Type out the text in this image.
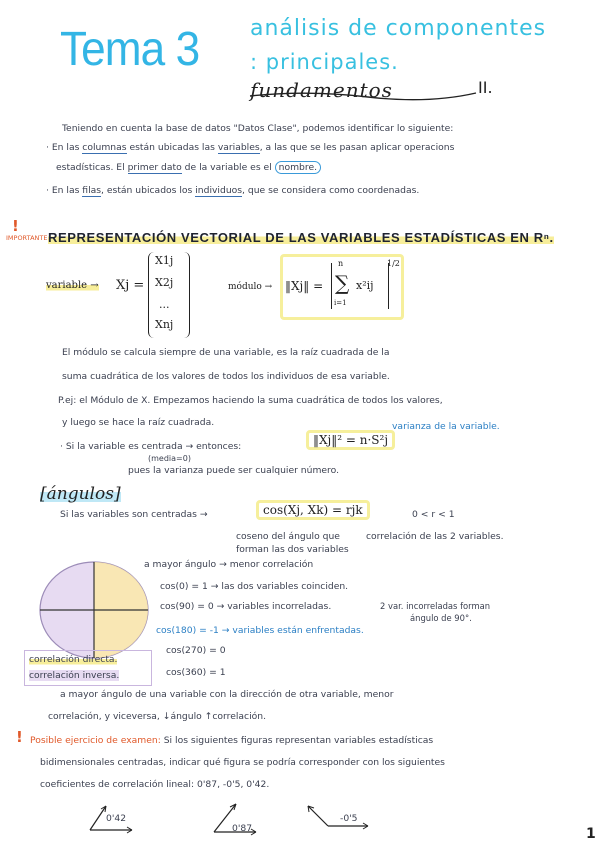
Tema 3 análisis de componentes
: principales.
fundamentos	II.
Teniendo en cuenta la base de datos "Datos Clase", podemos identificar lo siguiente:
· En las columnas están ubicadas las variables, a las que se les pasan aplicar operacions
estadísticas. El primer dato de la variable es el nombre.
· En las filas, están ubicados los individuos, que se considera como coordenadas.
!
IMPORTANTE REPRESENTACIÓN VECTORIAL DE LAS VARIABLES ESTADÍSTICAS EN Rⁿ.
variable → Xj =
X1j
X2j
...
Xnj
módulo → ‖Xj‖ =
n
∑
i=1
x²ij
1/2
El módulo se calcula siempre de una variable, es la raíz cuadrada de la
suma cuadrática de los valores de todos los individuos de esa variable.
P.ej: el Módulo de X. Empezamos haciendo la suma cuadrática de todos los valores,
y luego se hace la raíz cuadrada.
· Si la variable es centrada → entonces:	‖Xj‖² = n·S²j
varianza de la variable.
(media=0)
pues la varianza puede ser cualquier número.
[ángulos]
Si las variables son centradas →	cos(Xj, Xk) = rjk	0 < r < 1
coseno del ángulo que
forman las dos variables
correlación de las 2 variables.
a mayor ángulo → menor correlación
cos(0) = 1 → las dos variables coinciden.
cos(90) = 0 → variables incorreladas.	2 var. incorreladas forman
ángulo de 90°.
cos(180) = -1 → variables están enfrentadas.
cos(270) = 0
cos(360) = 1
correlación directa.
correlación inversa.
a mayor ángulo de una variable con la dirección de otra variable, menor
correlación, y viceversa, ↓ángulo ↑correlación.
! Posible ejercicio de examen: Si los siguientes figuras representan variables estadísticas
bidimensionales centradas, indicar qué figura se podría corresponder con los siguientes
coeficientes de correlación lineal: 0'87, -0'5, 0'42.
0'42
0'87
-0'5
1
